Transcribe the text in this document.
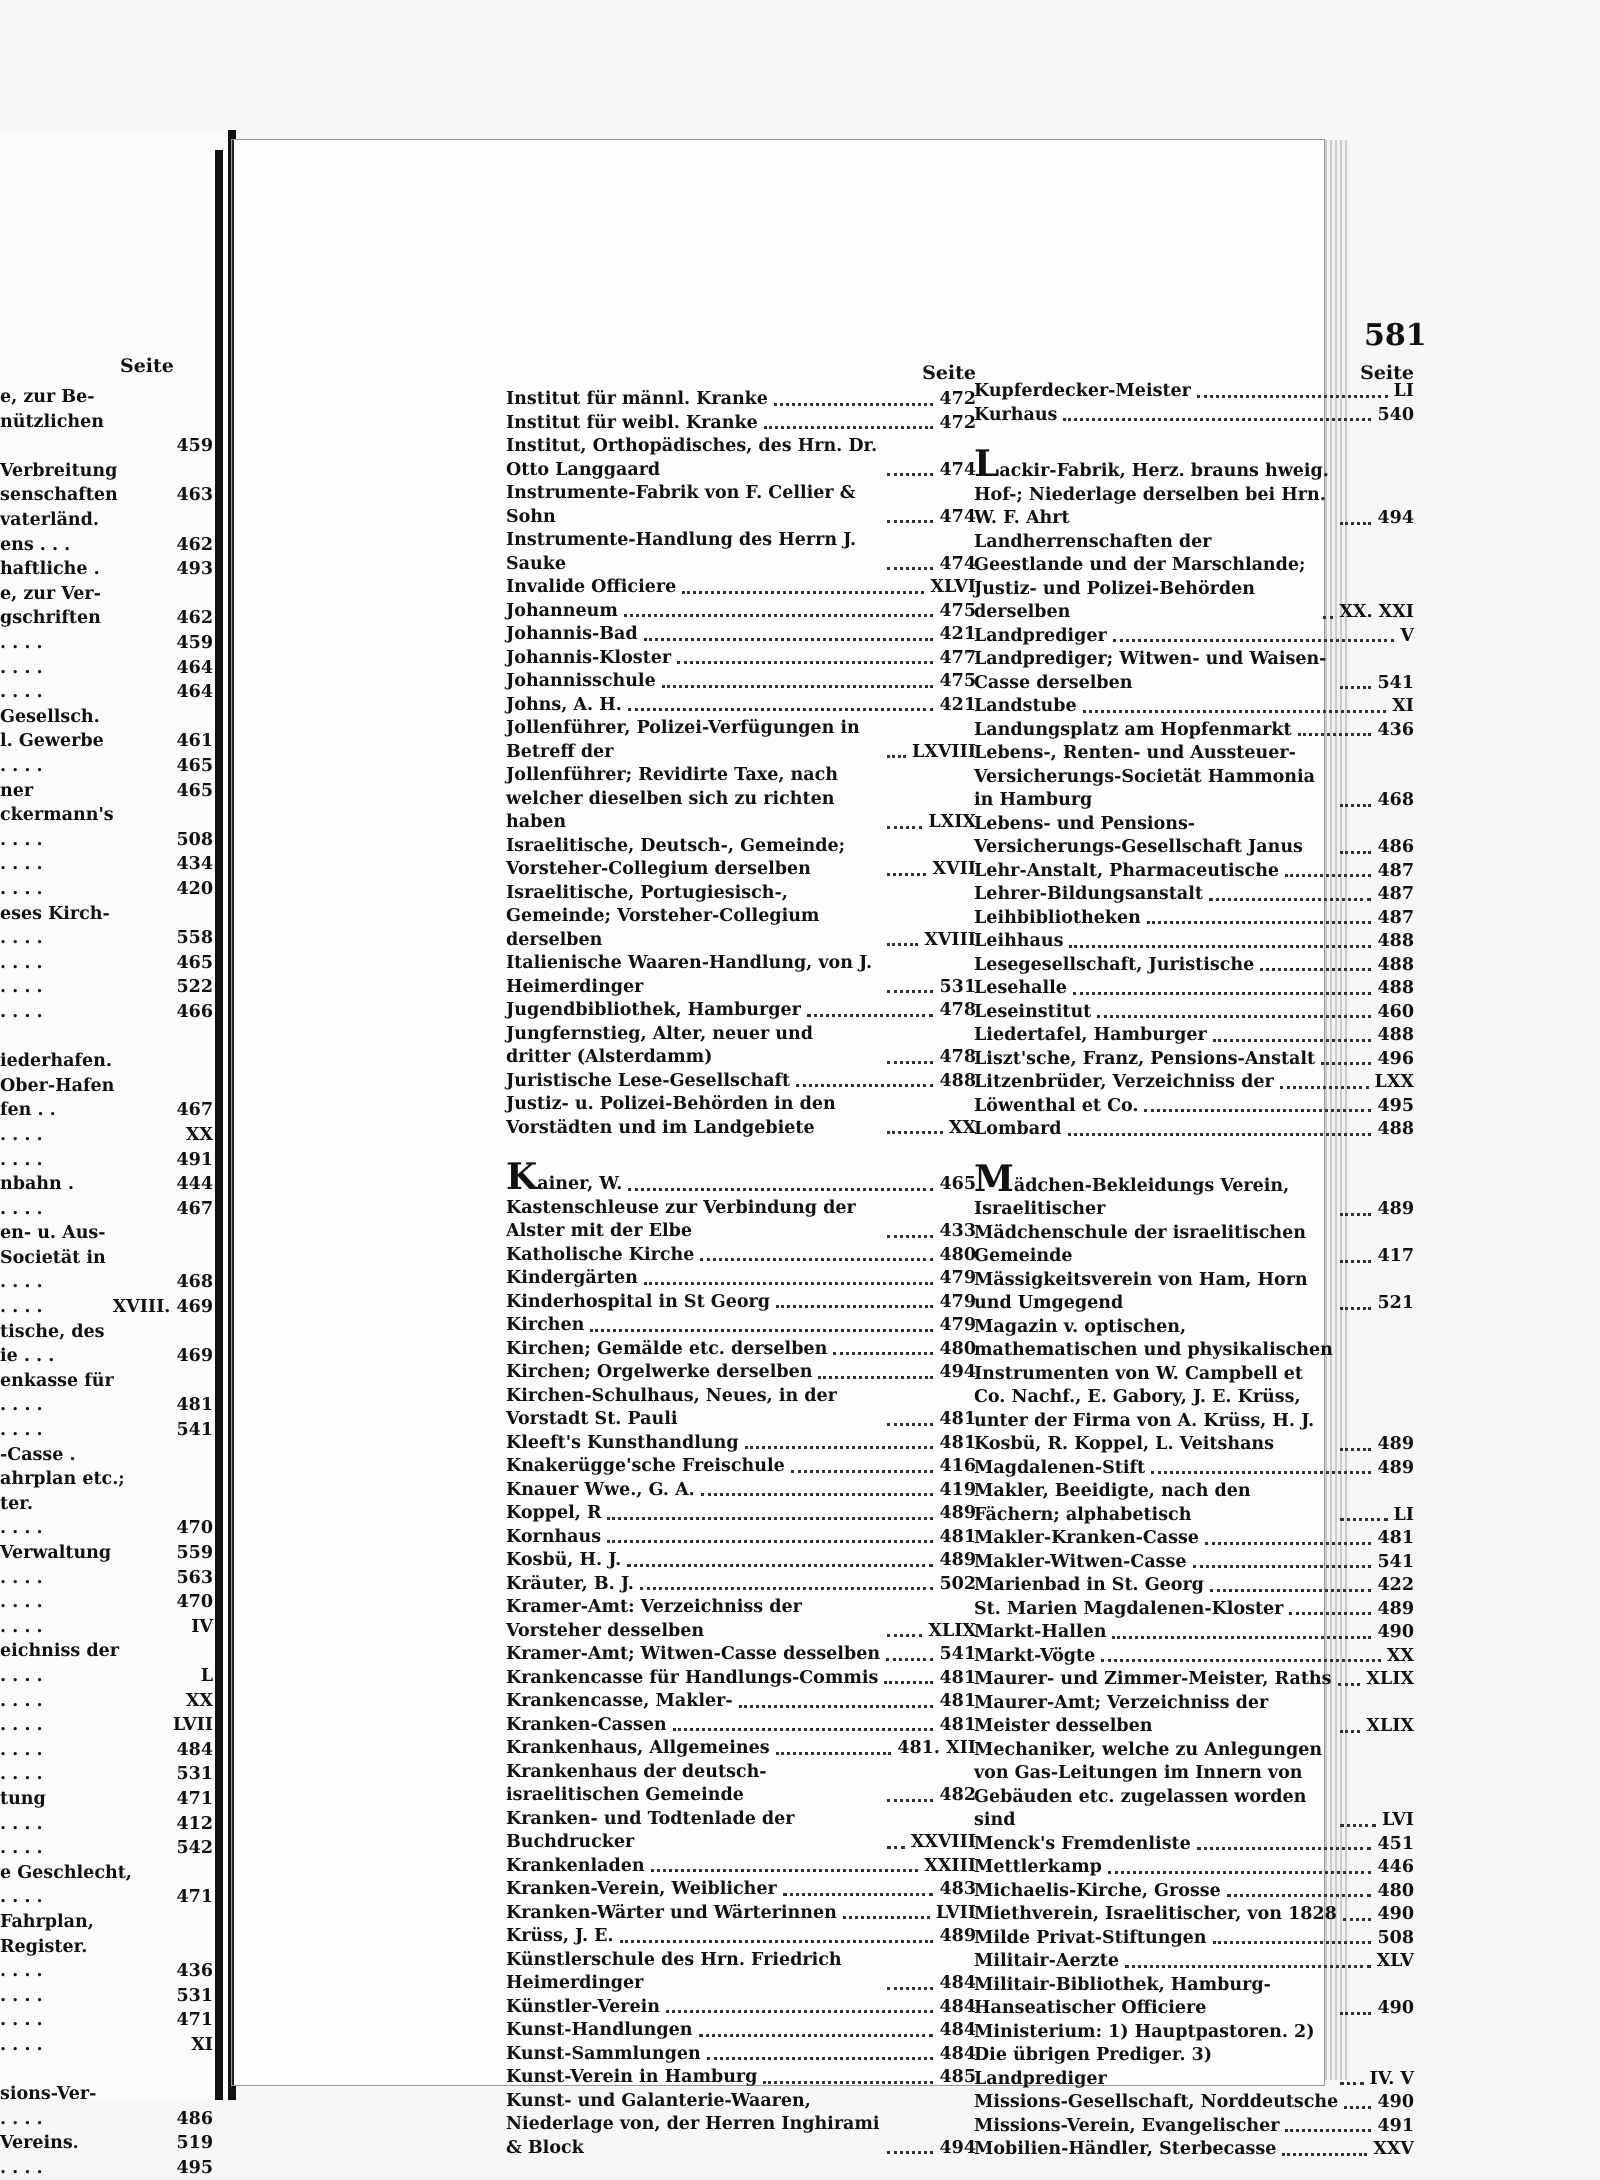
Seite
e, zur Be-
nützlichen
459
Verbreitung
senschaften	463
vaterländ.
ens . . .	462
haftliche .	493
e, zur Ver-
gschriften	462
. . . .	459
. . . .	464
. . . .	464
Gesellsch.
l. Gewerbe	461
. . . .	465
ner	465
ckermann's
. . . .	508
. . . .	434
. . . .	420
eses Kirch-
. . . .	558
. . . .	465
. . . .	522
. . . .	466
iederhafen.
Ober-Hafen
fen . .	467
. . . .	XX
. . . .	491
nbahn .	444
. . . .	467
en- u. Aus-
Societät in
. . . .	468
. . . .	XVIII. 469
tische, des
ie . . .	469
enkasse für
. . . .	481
. . . .	541
-Casse .
ahrplan etc.;
ter.
. . . .	470
Verwaltung	559
. . . .	563
. . . .	470
. . . .	IV
eichniss der
. . . .	L
. . . .	XX
. . . .	LVII
. . . .	484
. . . .	531
tung	471
. . . .	412
. . . .	542
e Geschlecht,
. . . .	471
Fahrplan,
Register.
. . . .	436
. . . .	531
. . . .	471
. . . .	XI
sions-Ver-
. . . .	486
Vereins.	519
. . . .	495
581
Seite
Institut für männl. Kranke	472
Institut für weibl. Kranke	472
Institut, Orthopädisches, des Hrn. Dr. Otto Langgaard	474
Instrumente-Fabrik von F. Cellier & Sohn	474
Instrumente-Handlung des Herrn J. Sauke	474
Invalide Officiere	XLVI
Johanneum	475
Johannis-Bad	421
Johannis-Kloster	477
Johannisschule	475
Johns, A. H.	421
Jollenführer, Polizei-Verfügungen in Betreff der	LXVIII
Jollenführer; Revidirte Taxe, nach welcher dieselben sich zu richten haben	LXIX
Israelitische, Deutsch-, Gemeinde; Vorsteher-Collegium derselben	XVII
Israelitische, Portugiesisch-, Gemeinde; Vorsteher-Collegium derselben	XVIII
Italienische Waaren-Handlung, von J. Heimerdinger	531
Jugendbibliothek, Hamburger	478
Jungfernstieg, Alter, neuer und dritter (Alsterdamm)	478
Juristische Lese-Gesellschaft	488
Justiz- u. Polizei-Behörden in den Vorstädten und im Landgebiete	XX
Kainer, W.	465
Kastenschleuse zur Verbindung der Alster mit der Elbe	433
Katholische Kirche	480
Kindergärten	479
Kinderhospital in St Georg	479
Kirchen	479
Kirchen; Gemälde etc. derselben	480
Kirchen; Orgelwerke derselben	494
Kirchen-Schulhaus, Neues, in der Vorstadt St. Pauli	481
Kleeft's Kunsthandlung	481
Knakerügge'sche Freischule	416
Knauer Wwe., G. A.	419
Koppel, R	489
Kornhaus	481
Kosbü, H. J.	489
Kräuter, B. J.	502
Kramer-Amt: Verzeichniss der Vorsteher desselben	XLIX
Kramer-Amt; Witwen-Casse desselben	541
Krankencasse für Handlungs-Commis	481
Krankencasse, Makler-	481
Kranken-Cassen	481
Krankenhaus, Allgemeines	481. XII
Krankenhaus der deutsch-israelitischen Gemeinde	482
Kranken- und Todtenlade der Buchdrucker	XXVIII
Krankenladen	XXIII
Kranken-Verein, Weiblicher	483
Kranken-Wärter und Wärterinnen	LVII
Krüss, J. E.	489
Künstlerschule des Hrn. Friedrich Heimerdinger	484
Künstler-Verein	484
Kunst-Handlungen	484
Kunst-Sammlungen	484
Kunst-Verein in Hamburg	485
Kunst- und Galanterie-Waaren, Niederlage von, der Herren Inghirami & Block	494
Seite
Kupferdecker-Meister	LI
Kurhaus	540
Lackir-Fabrik, Herz. brauns hweig. Hof-; Niederlage derselben bei Hrn. W. F. Ahrt	494
Landherrenschaften der Geestlande und der Marschlande; Justiz- und Polizei-Behörden derselben	XX. XXI
Landprediger	V
Landprediger; Witwen- und Waisen-Casse derselben	541
Landstube	XI
Landungsplatz am Hopfenmarkt	436
Lebens-, Renten- und Aussteuer-Versicherungs-Societät Hammonia in Hamburg	468
Lebens- und Pensions-Versicherungs-Gesellschaft Janus	486
Lehr-Anstalt, Pharmaceutische	487
Lehrer-Bildungsanstalt	487
Leihbibliotheken	487
Leihhaus	488
Lesegesellschaft, Juristische	488
Lesehalle	488
Leseinstitut	460
Liedertafel, Hamburger	488
Liszt'sche, Franz, Pensions-Anstalt	496
Litzenbrüder, Verzeichniss der	LXX
Löwenthal et Co.	495
Lombard	488
Mädchen-Bekleidungs Verein, Israelitischer	489
Mädchenschule der israelitischen Gemeinde	417
Mässigkeitsverein von Ham, Horn und Umgegend	521
Magazin v. optischen, mathematischen und physikalischen Instrumenten von W. Campbell et Co. Nachf., E. Gabory, J. E. Krüss, unter der Firma von A. Krüss, H. J. Kosbü, R. Koppel, L. Veitshans	489
Magdalenen-Stift	489
Makler, Beeidigte, nach den Fächern; alphabetisch	LI
Makler-Kranken-Casse	481
Makler-Witwen-Casse	541
Marienbad in St. Georg	422
St. Marien Magdalenen-Kloster	489
Markt-Hallen	490
Markt-Vögte	XX
Maurer- und Zimmer-Meister, Raths XLIX
Maurer-Amt; Verzeichniss der Meister desselben	XLIX
Mechaniker, welche zu Anlegungen von Gas-Leitungen im Innern von Gebäuden etc. zugelassen worden sind	LVI
Menck's Fremdenliste	451
Mettlerkamp	446
Michaelis-Kirche, Grosse	480
Miethverein, Israelitischer, von 1828 490
Milde Privat-Stiftungen	508
Militair-Aerzte	XLV
Militair-Bibliothek, Hamburg-Hanseatischer Officiere	490
Ministerium: 1) Hauptpastoren. 2) Die übrigen Prediger. 3) Landprediger	IV. V
Missions-Gesellschaft, Norddeutsche 490
Missions-Verein, Evangelischer	491
Mobilien-Händler, Sterbecasse	XXV
